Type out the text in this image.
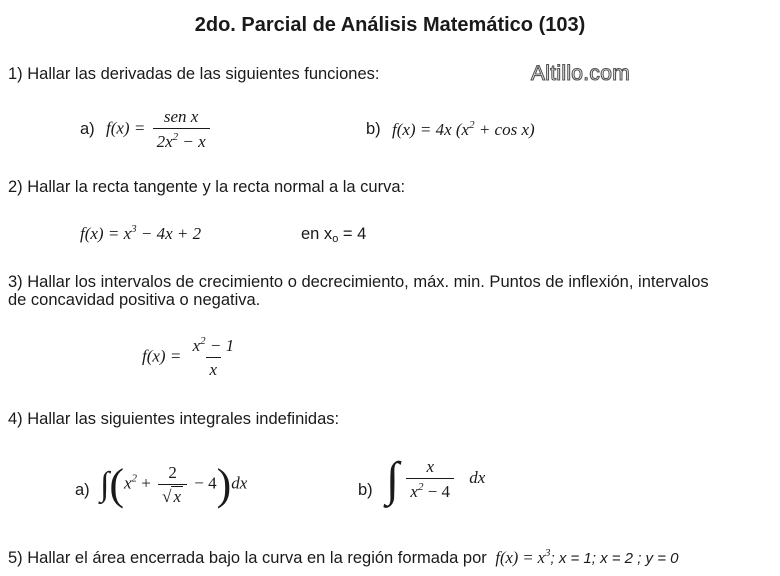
2do. Parcial de Análisis Matemático (103)
1) Hallar las derivadas de las siguientes funciones:	Altillo.com
a) $f(x) = \frac{\text{sen x}}{2x^2 - x}$	b) f(x) = 4x $(x^2 + \cos x)$
2) Hallar la recta tangente y la recta normal a la curva:
$f(x) = x^3 - 4x + 2$	en $x_o = 4$
3) Hallar los intervalos de crecimiento o decrecimiento, máx. min. Puntos de inflexión, intervalos
de concavidad positiva o negativa.
$f(x) = \frac{x^2 - 1}{x}$
4) Hallar las siguientes integrales indefinidas:
a) $\int(x^2 + \frac{2}{√ x} - 4)dx$	b) ∫ $\frac{x}{x^2 - 4}$ dx
5) Hallar el área encerrada bajo la curva en la región formada por $f(x) = x^3$; x = 1; x = 2 ; y = 0
